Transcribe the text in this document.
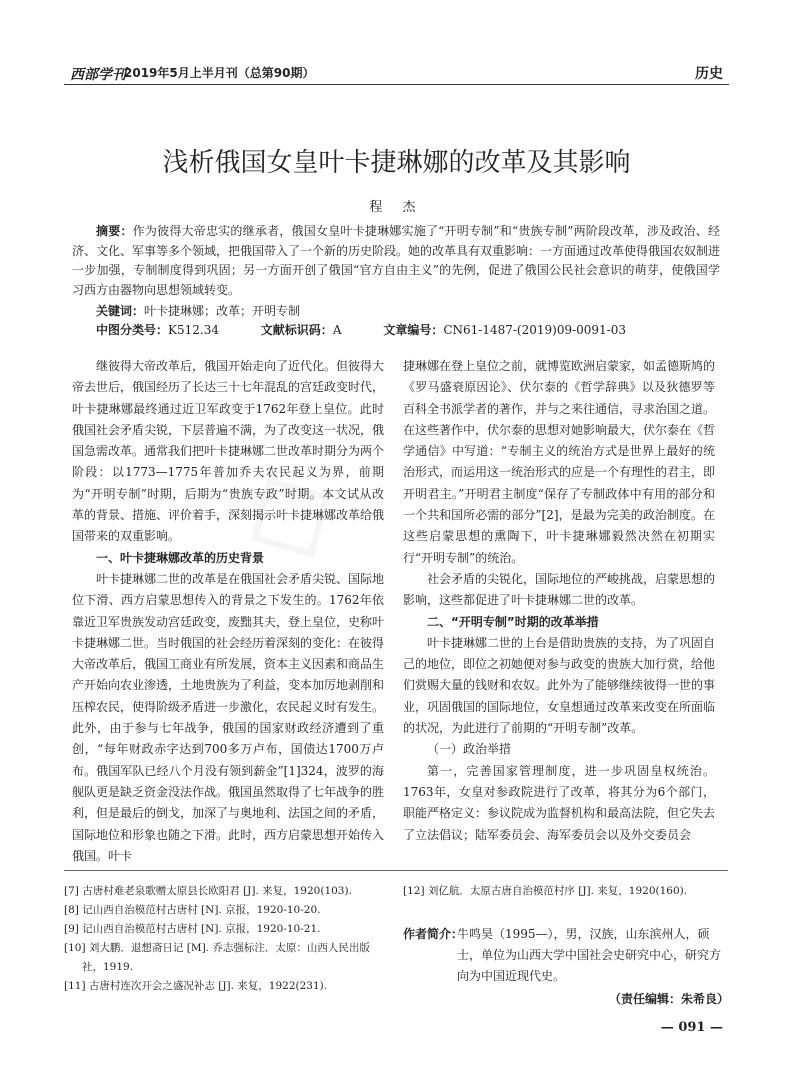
西部学刊
2019年5月上半月刊（总第90期）	历史
浅析俄国女皇叶卡捷琳娜的改革及其影响
程 杰
摘要：作为彼得大帝忠实的继承者，俄国女皇叶卡捷琳娜实施了“开明专制”和“贵族专制”两阶段改革，涉及政治、经济、文化、军事等多个领域，把俄国带入了一个新的历史阶段。她的改革具有双重影响：一方面通过改革使得俄国农奴制进一步加强，专制制度得到巩固；另一方面开创了俄国“官方自由主义”的先例，促进了俄国公民社会意识的萌芽，使俄国学习西方由器物向思想领域转变。
关键词：叶卡捷琳娜；改革；开明专制
中图分类号：K512.34	文献标识码：A	文章编号：CN61-1487-(2019)09-0091-03

继彼得大帝改革后，俄国开始走向了近代化。但彼得大帝去世后，俄国经历了长达三十七年混乱的宫廷政变时代，叶卡捷琳娜最终通过近卫军政变于1762年登上皇位。此时俄国社会矛盾尖锐，下层普遍不满，为了改变这一状况，俄国急需改革。通常我们把叶卡捷琳娜二世改革时期分为两个阶段：以1773—1775年普加乔夫农民起义为界，前期为“开明专制”时期，后期为“贵族专政”时期。本文试从改革的背景、措施、评价着手，深刻揭示叶卡捷琳娜改革给俄国带来的双重影响。

一、叶卡捷琳娜改革的历史背景

叶卡捷琳娜二世的改革是在俄国社会矛盾尖锐、国际地位下滑、西方启蒙思想传入的背景之下发生的。1762年依靠近卫军贵族发动宫廷政变，废黜其夫，登上皇位，史称叶卡捷琳娜二世。当时俄国的社会经历着深刻的变化：在彼得大帝改革后，俄国工商业有所发展，资本主义因素和商品生产开始向农业渗透，土地贵族为了利益，变本加厉地剥削和压榨农民，使得阶级矛盾进一步激化，农民起义时有发生。此外，由于参与七年战争，俄国的国家财政经济遭到了重创，“每年财政赤字达到700多万卢布，国债达1700万卢布。俄国军队已经八个月没有领到薪金”[1]324，波罗的海舰队更是缺乏资金没法作战。俄国虽然取得了七年战争的胜利，但是最后的倒戈，加深了与奥地利、法国之间的矛盾，国际地位和形象也随之下滑。此时，西方启蒙思想开始传入俄国。叶卡

捷琳娜在登上皇位之前，就博览欧洲启蒙家，如孟德斯鸠的《罗马盛衰原因论》、伏尔泰的《哲学辞典》以及狄德罗等百科全书派学者的著作，并与之来往通信，寻求治国之道。在这些著作中，伏尔泰的思想对她影响最大，伏尔泰在《哲学通信》中写道：“专制主义的统治方式是世界上最好的统治形式，而运用这一统治形式的应是一个有理性的君主，即开明君主。”开明君主制度“保存了专制政体中有用的部分和一个共和国所必需的部分”[2]，是最为完美的政治制度。在这些启蒙思想的熏陶下，叶卡捷琳娜毅然决然在初期实行“开明专制”的统治。

社会矛盾的尖锐化，国际地位的严峻挑战，启蒙思想的影响，这些都促进了叶卡捷琳娜二世的改革。

二、“开明专制”时期的改革举措

叶卡捷琳娜二世的上台是借助贵族的支持，为了巩固自己的地位，即位之初她便对参与政变的贵族大加行赏，给他们赏赐大量的钱财和农奴。此外为了能够继续彼得一世的事业，巩固俄国的国际地位，女皇想通过改革来改变在所面临的状况，为此进行了前期的“开明专制”改革。

（一）政治举措

第一，完善国家管理制度，进一步巩固皇权统治。1763年，女皇对参政院进行了改革，将其分为6个部门，职能严格定义：参议院成为监督机构和最高法院，但它失去了立法倡议；陆军委员会、海军委员会以及外交委员会

[7] 古唐村难老泉歌赠太原县长欧阳君 [J]. 来复，1920(103).
[8] 记山西自治模范村古唐村 [N]. 京报，1920-10-20.
[9] 记山西自治模范村古唐村 [N]. 京报，1920-10-21.
[10] 刘大鹏．退想斋日记 [M]. 乔志强标注．太原：山西人民出版社，1919.
[11] 古唐村连次开会之盛况补志 [J]. 来复，1922(231).
[12] 刘亿航．太原古唐自治模范村序 [J]. 来复，1920(160).
作者简介：
牛鸣昊（1995—），男，汉族，山东滨州人，硕士，单位为山西大学中国社会史研究中心，研究方向为中国近现代史。
（责任编辑：朱希良）
— 091 —
